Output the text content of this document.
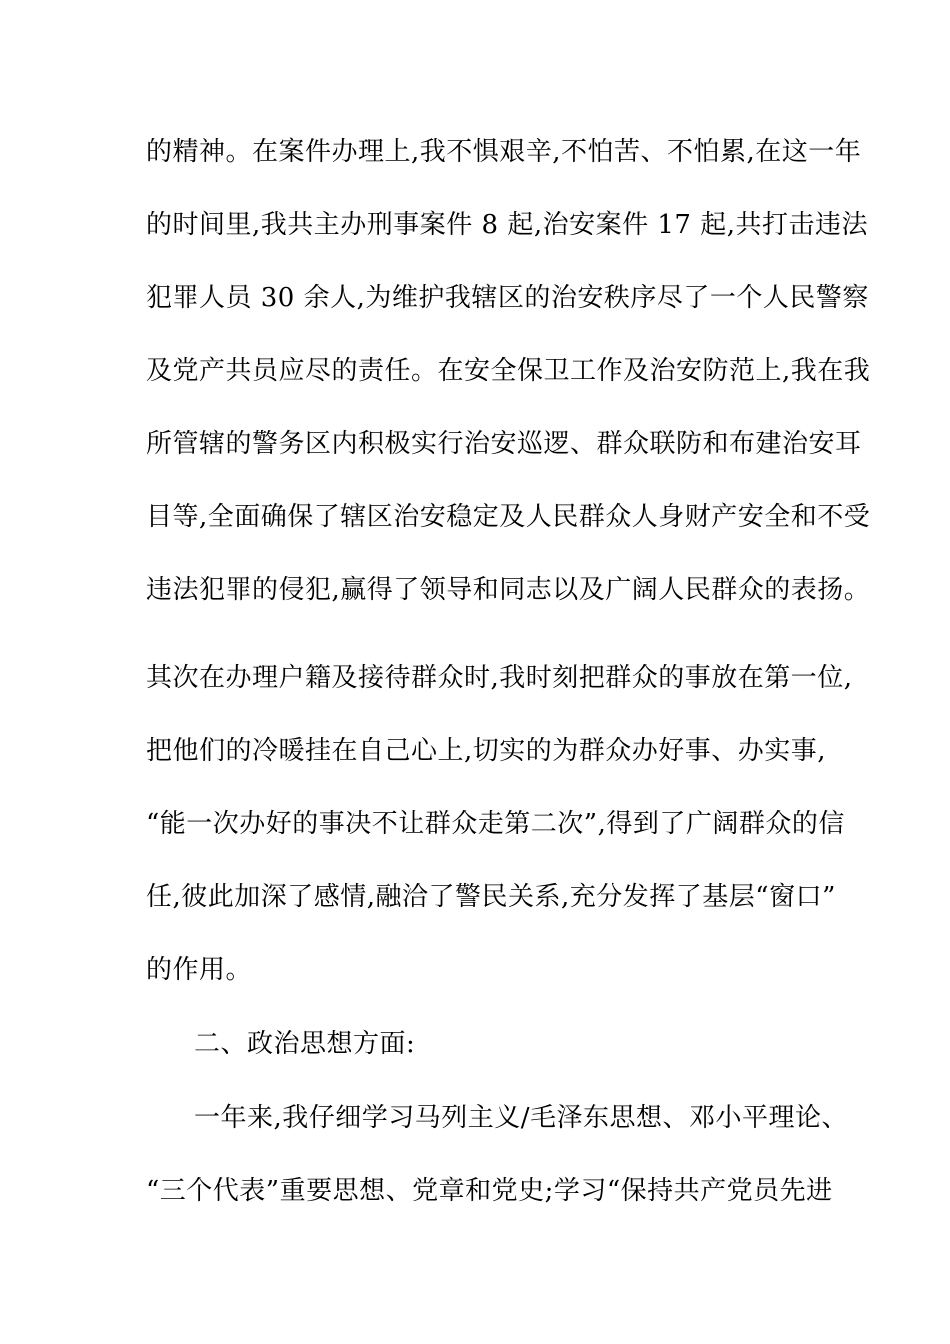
的精神。在案件办理上,我不惧艰辛,不怕苦、不怕累,在这一年
的时间里,我共主办刑事案件 8 起,治安案件 17 起,共打击违法
犯罪人员 30 余人,为维护我辖区的治安秩序尽了一个人民警察
及党产共员应尽的责任。在安全保卫工作及治安防范上,我在我
所管辖的警务区内积极实行治安巡逻、群众联防和布建治安耳
目等,全面确保了辖区治安稳定及人民群众人身财产安全和不受
违法犯罪的侵犯,赢得了领导和同志以及广阔人民群众的表扬。
其次在办理户籍及接待群众时,我时刻把群众的事放在第一位,
把他们的冷暖挂在自己心上,切实的为群众办好事、办实事,
“能一次办好的事决不让群众走第二次”,得到了广阔群众的信
任,彼此加深了感情,融洽了警民关系,充分发挥了基层“窗口”
的作用。
二、政治思想方面:
一年来,我仔细学习马列主义/毛泽东思想、邓小平理论、
“三个代表”重要思想、党章和党史;学习“保持共产党员先进
